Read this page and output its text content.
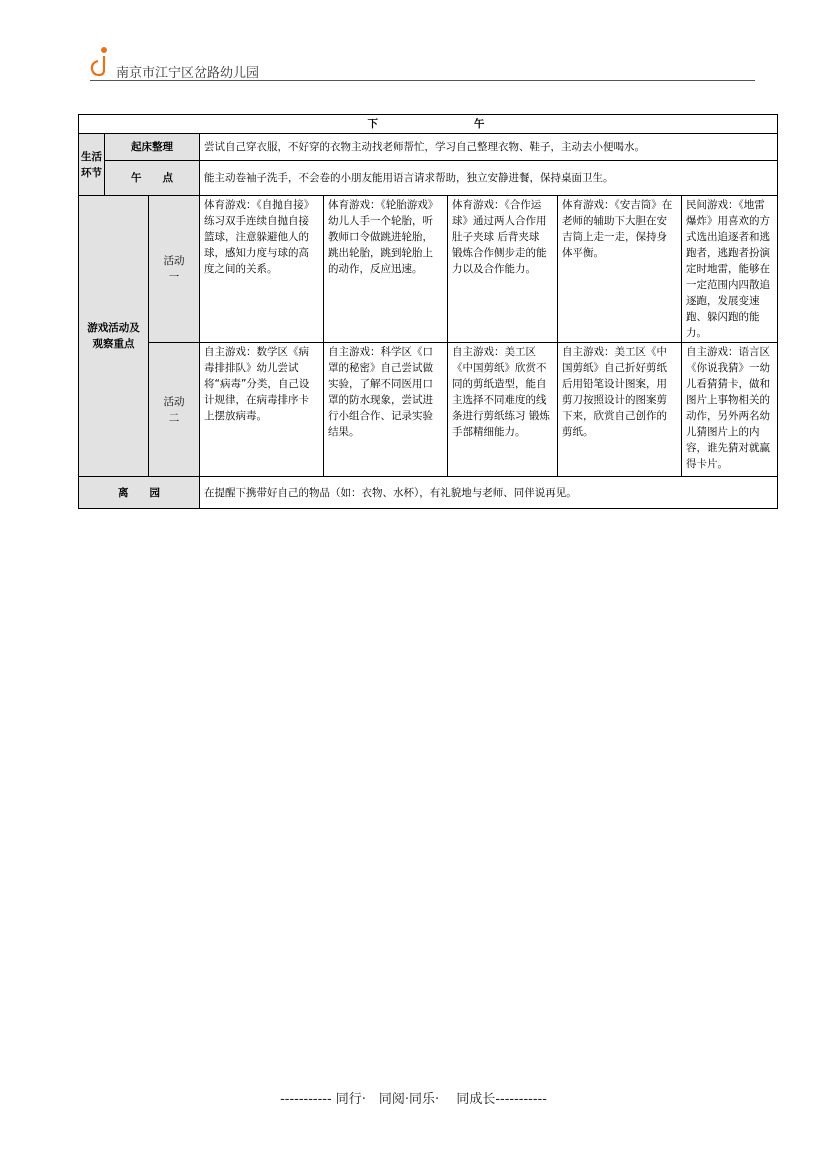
南京市江宁区岔路幼儿园
下午							
生活环节	起床整理		尝试自己穿衣服，不好穿的衣物主动找老师帮忙，学习自己整理衣物、鞋子，主动去小便喝水。				
	午　　点		能主动卷袖子洗手，不会卷的小朋友能用语言请求帮助，独立安静进餐，保持桌面卫生。				
游戏活动及观察重点		活动一	体育游戏：《自抛自接》练习双手连续自抛自接篮球，注意躲避他人的球，感知力度与球的高度之间的关系。	体育游戏：《轮胎游戏》幼儿人手一个轮胎，听教师口令做跳进轮胎，跳出轮胎，跳到轮胎上的动作，反应迅速。	体育游戏：《合作运球》通过两人合作用肚子夹球 后背夹球 锻炼合作侧步走的能力以及合作能力。	体育游戏：《安吉筒》在老师的辅助下大胆在安吉筒上走一走，保持身体平衡。	民间游戏：《地雷爆炸》用喜欢的方式选出追逐者和逃跑者，逃跑者扮演定时地雷，能够在一定范围内四散追逐跑，发展变速跑、躲闪跑的能力。
		活动二	自主游戏：数学区《病毒排排队》幼儿尝试将“病毒”分类，自己设计规律，在病毒排序卡上摆放病毒。	自主游戏：科学区《口罩的秘密》自己尝试做实验，了解不同医用口罩的防水现象，尝试进行小组合作、记录实验结果。	自主游戏：美工区《中国剪纸》欣赏不同的剪纸造型，能自主选择不同难度的线条进行剪纸练习 锻炼手部精细能力。	自主游戏：美工区《中国剪纸》自己折好剪纸后用铅笔设计图案，用剪刀按照设计的图案剪下来，欣赏自己创作的剪纸。	自主游戏：语言区《你说我猜》一幼儿看猜猜卡，做和图片上事物相关的动作，另外两名幼儿猜图片上的内容，谁先猜对就赢得卡片。
离　　园			在提醒下携带好自己的物品（如：衣物、水杯），有礼貌地与老师、同伴说再见。				
----------- 同行·　同阅·同乐·　 同成长-----------
